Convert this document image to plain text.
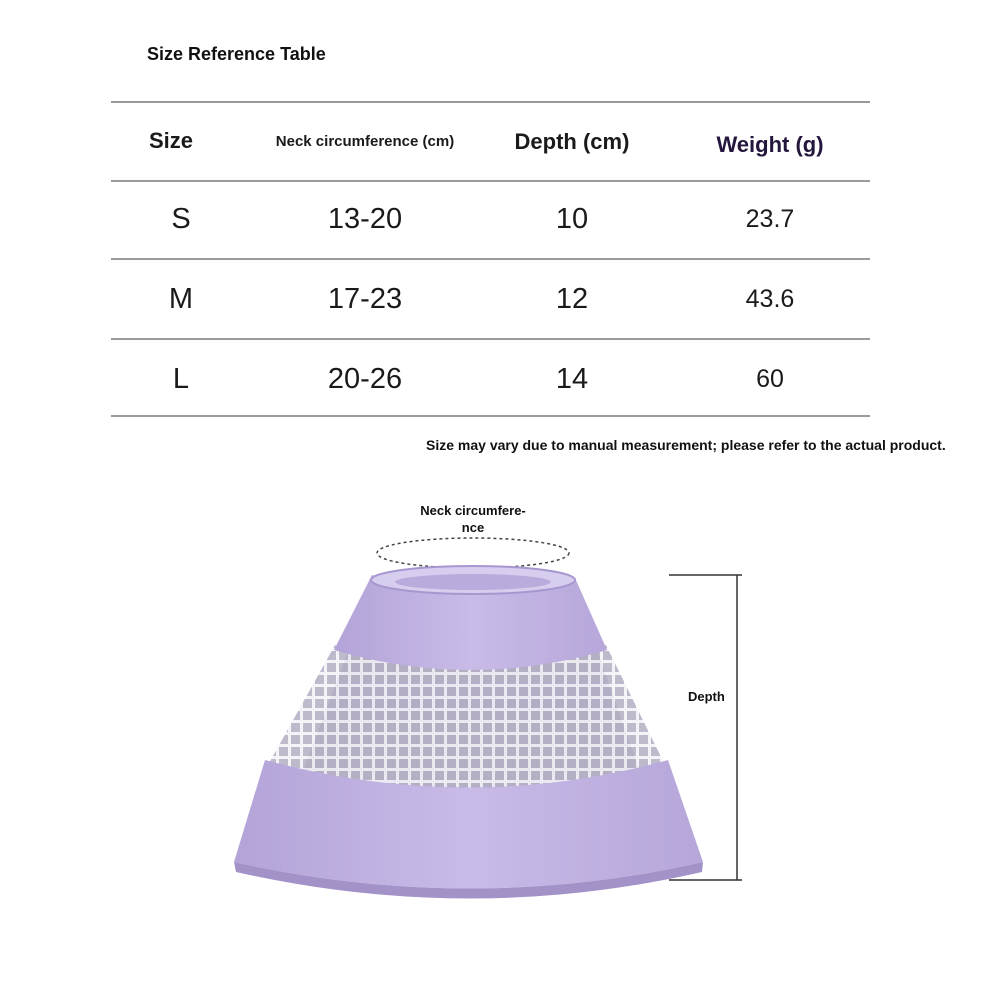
Size Reference Table
Size	Neck circumference (cm)	Depth (cm)	Weight (g)
S	13-20	10	23.7
M	17-23	12	43.6
L	20-26	14	60
Size may vary due to manual measurement; please refer to the actual product.
Neck circumfere-
nce
Depth
